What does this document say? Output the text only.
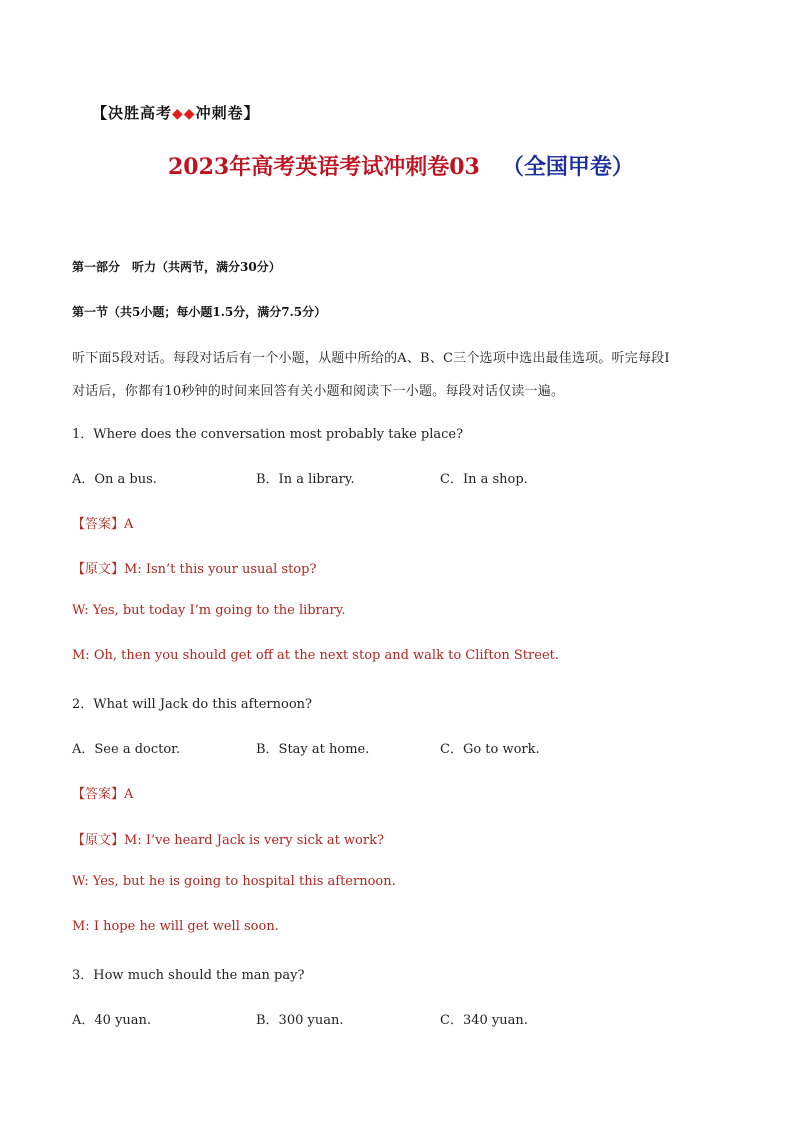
【决胜高考◆◆冲刺卷】
2023年高考英语考试冲刺卷03 （全国甲卷）
第一部分　听力（共两节，满分30分）
第一节（共5小题；每小题1.5分，满分7.5分）
听下面5段对话。每段对话后有一个小题，从题中所给的A、B、C三个选项中选出最佳选项。听完每段I
对话后，你都有10秒钟的时间来回答有关小题和阅读下一小题。每段对话仅读一遍。
1．Where does the conversation most probably take place?
A．On a bus.	B．In a library.	C．In a shop.
【答案】A
【原文】M: Isn’t this your usual stop?
W: Yes, but today I’m going to the library.
M: Oh, then you should get off at the next stop and walk to Clifton Street.
2．What will Jack do this afternoon?
A．See a doctor.	B．Stay at home.	C．Go to work.
【答案】A
【原文】M: I’ve heard Jack is very sick at work?
W: Yes, but he is going to hospital this afternoon.
M: I hope he will get well soon.
3．How much should the man pay?
A．40 yuan.	B．300 yuan.	C．340 yuan.
